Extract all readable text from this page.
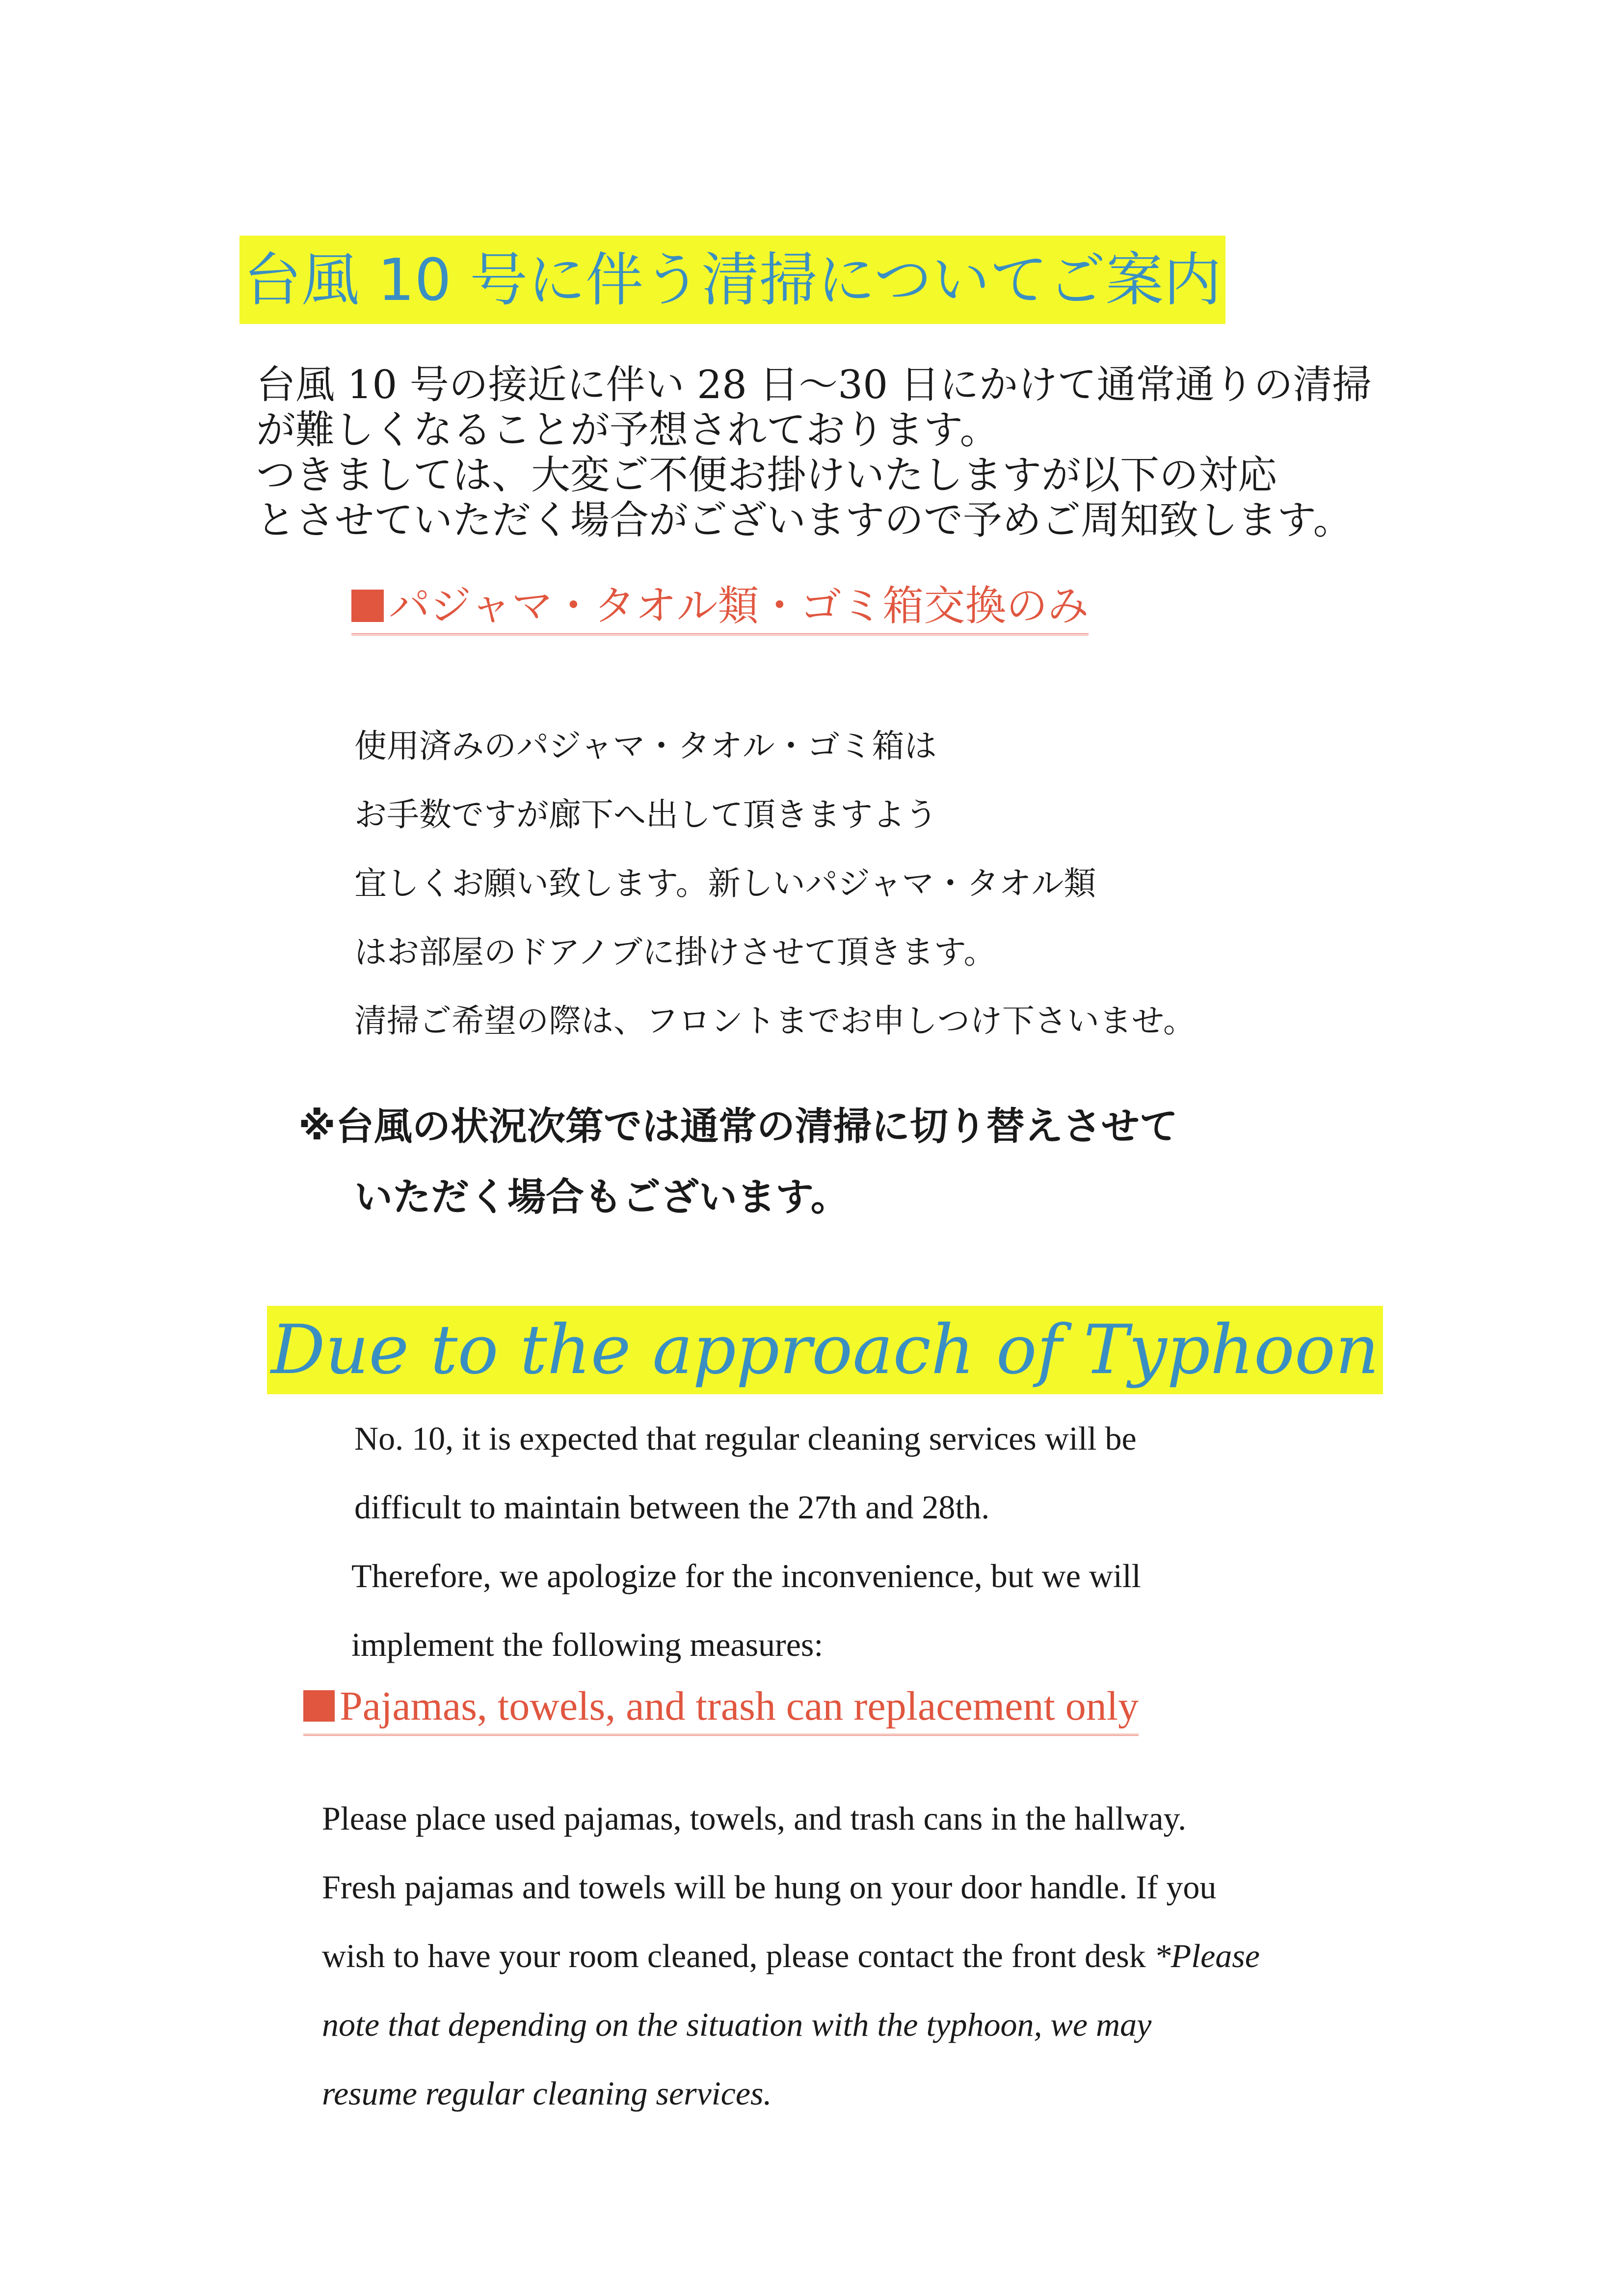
台風 10 号に伴う清掃についてご案内
台風 10 号の接近に伴い 28 日～30 日にかけて通常通りの清掃
が難しくなることが予想されております。
つきましては、大変ご不便お掛けいたしますが以下の対応
とさせていただく場合がございますので予めご周知致します。
パジャマ・タオル類・ゴミ箱交換のみ
使用済みのパジャマ・タオル・ゴミ箱は
お手数ですが廊下へ出して頂きますよう
宜しくお願い致します。新しいパジャマ・タオル類
はお部屋のドアノブに掛けさせて頂きます。
清掃ご希望の際は、フロントまでお申しつけ下さいませ。
※台風の状況次第では通常の清掃に切り替えさせて
いただく場合もございます。
Due to the approach of Typhoon
No. 10, it is expected that regular cleaning services will be
difficult to maintain between the 27th and 28th.
Therefore, we apologize for the inconvenience, but we will
implement the following measures:
Pajamas, towels, and trash can replacement only
Please place used pajamas, towels, and trash cans in the hallway.
Fresh pajamas and towels will be hung on your door handle. If you
wish to have your room cleaned, please contact the front desk *Please
note that depending on the situation with the typhoon, we may
resume regular cleaning services.
